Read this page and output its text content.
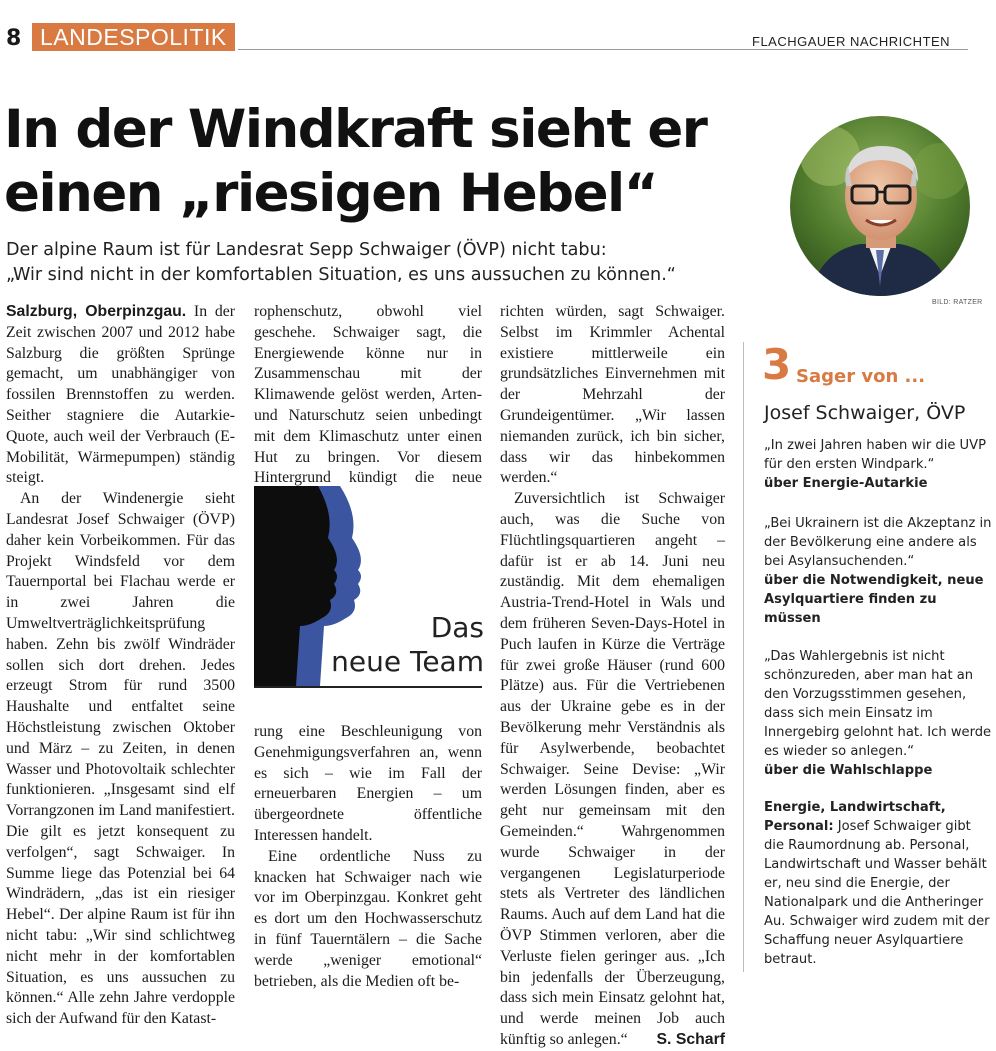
8 LANDESPOLITIK	FLACHGAUER NACHRICHTEN
In der Windkraft sieht er
einen „riesigen Hebel“
Der alpine Raum ist für Landesrat Sepp Schwaiger (ÖVP) nicht tabu:
„Wir sind nicht in der komfortablen Situation, es uns aussuchen zu können.“
BILD: RATZER

Salzburg, Oberpinzgau. In der Zeit zwischen 2007 und 2012 habe Salzburg die größten Sprünge gemacht, um unabhängiger von fossilen Brennstoffen zu werden. Seither stagniere die Autarkie-Quote, auch weil der Verbrauch (E-Mobilität, Wärmepumpen) ständig steigt.

An der Windenergie sieht Landesrat Josef Schwaiger (ÖVP) daher kein Vorbeikommen. Für das Projekt Windsfeld vor dem Tauernportal bei Flachau werde er in zwei Jahren die Umweltverträglichkeitsprüfung haben. Zehn bis zwölf Windräder sollen sich dort drehen. Jedes erzeugt Strom für rund 3500 Haushalte und entfaltet seine Höchstleistung zwischen Oktober und März – zu Zeiten, in denen Wasser und Photovoltaik schlechter funktionieren. „Insgesamt sind elf Vorrangzonen im Land manifestiert. Die gilt es jetzt konsequent zu verfolgen“, sagt Schwaiger. In Summe liege das Potenzial bei 64 Windrädern, „das ist ein riesiger Hebel“. Der alpine Raum ist für ihn nicht tabu: „Wir sind schlichtweg nicht mehr in der komfortablen Situation, es uns aussuchen zu können.“ Alle zehn Jahre verdopple sich der Aufwand für den Katast-

rophenschutz, obwohl viel geschehe. Schwaiger sagt, die Energiewende könne nur in Zusammenschau mit der Klimawende gelöst werden, Arten- und Naturschutz seien unbedingt mit dem Klimaschutz unter einen Hut zu bringen. Vor diesem Hintergrund kündigt die neue

Das
neue Team

rung eine Beschleunigung von Genehmigungsverfahren an, wenn es sich – wie im Fall der erneuerbaren Energien – um übergeordnete öffentliche Interessen handelt.

Eine ordentliche Nuss zu knacken hat Schwaiger nach wie vor im Oberpinzgau. Konkret geht es dort um den Hochwasserschutz in fünf Tauerntälern – die Sache werde „weniger emotional“ betrieben, als die Medien oft be-

richten würden, sagt Schwaiger. Selbst im Krimmler Achental existiere mittlerweile ein grundsätzliches Einvernehmen mit der Mehrzahl der Grundeigentümer. „Wir lassen niemanden zurück, ich bin sicher, dass wir das hinbekommen werden.“

Zuversichtlich ist Schwaiger auch, was die Suche von Flüchtlingsquartieren angeht – dafür ist er ab 14. Juni neu zuständig. Mit dem ehemaligen Austria-Trend-Hotel in Wals und dem früheren Seven-Days-Hotel in Puch laufen in Kürze die Verträge für zwei große Häuser (rund 600 Plätze) aus. Für die Vertriebenen aus der Ukraine gebe es in der Bevölkerung mehr Verständnis als für Asylwerbende, beobachtet Schwaiger. Seine Devise: „Wir werden Lösungen finden, aber es geht nur gemeinsam mit den Gemeinden.“ Wahrgenommen wurde Schwaiger in der vergangenen Legislaturperiode stets als Vertreter des ländlichen Raums. Auch auf dem Land hat die ÖVP Stimmen verloren, aber die Verluste fielen geringer aus. „Ich bin jedenfalls der Überzeugung, dass sich mein Einsatz gelohnt hat, und werde meinen Job auch künftig so anlegen.“	S. Scharf

3 Sager von ...
Josef Schwaiger, ÖVP
„In zwei Jahren haben wir die UVP für den ersten Windpark.“
über Energie-Autarkie
„Bei Ukrainern ist die Akzeptanz in der Bevölkerung eine andere als bei Asylansuchenden.“
über die Notwendigkeit, neue Asylquartiere finden zu müssen
„Das Wahlergebnis ist nicht schönzureden, aber man hat an den Vorzugsstimmen gesehen, dass sich mein Einsatz im Innergebirg gelohnt hat. Ich werde es wieder so anlegen.“
über die Wahlschlappe
Energie, Landwirtschaft, Personal: Josef Schwaiger gibt die Raumordnung ab. Personal, Landwirtschaft und Wasser behält er, neu sind die Energie, der Nationalpark und die Antheringer Au. Schwaiger wird zudem mit der Schaffung neuer Asylquartiere betraut.
